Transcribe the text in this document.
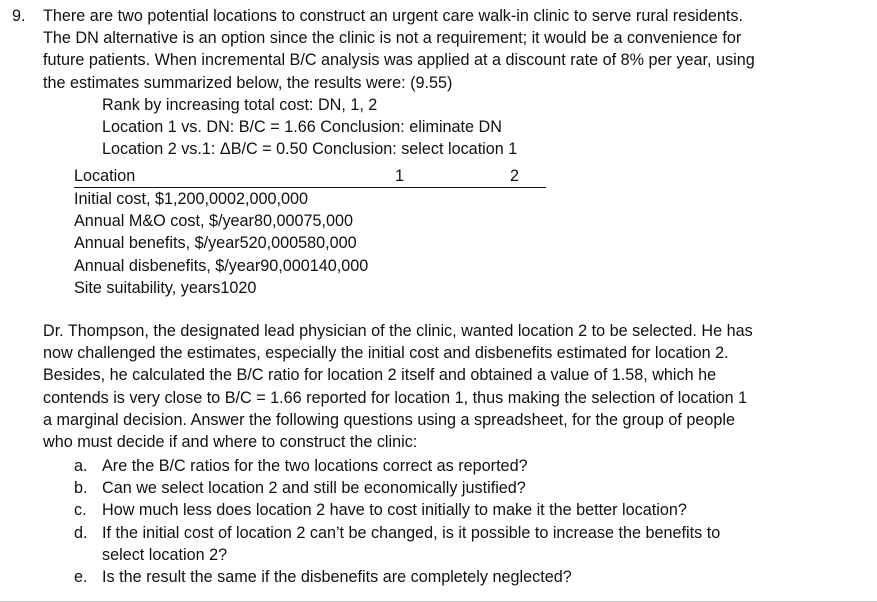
9. There are two potential locations to construct an urgent care walk-in clinic to serve rural residents.
The DN alternative is an option since the clinic is not a requirement; it would be a convenience for
future patients. When incremental B/C analysis was applied at a discount rate of 8% per year, using
the estimates summarized below, the results were: (9.55)
Rank by increasing total cost: DN, 1, 2
Location 1 vs. DN: B/C = 1.66 Conclusion: eliminate DN
Location 2 vs.1: ΔB/C = 0.50 Conclusion: select location 1
Location	1	2
Initial cost, $1,200,0002,000,000
Annual M&O cost, $/year80,00075,000
Annual benefits, $/year520,000580,000
Annual disbenefits, $/year90,000140,000
Site suitability, years1020
Dr. Thompson, the designated lead physician of the clinic, wanted location 2 to be selected. He has
now challenged the estimates, especially the initial cost and disbenefits estimated for location 2.
Besides, he calculated the B/C ratio for location 2 itself and obtained a value of 1.58, which he
contends is very close to B/C = 1.66 reported for location 1, thus making the selection of location 1
a marginal decision. Answer the following questions using a spreadsheet, for the group of people
who must decide if and where to construct the clinic:
a. Are the B/C ratios for the two locations correct as reported?
b. Can we select location 2 and still be economically justified?
c. How much less does location 2 have to cost initially to make it the better location?
d. If the initial cost of location 2 can’t be changed, is it possible to increase the benefits to
select location 2?
e. Is the result the same if the disbenefits are completely neglected?
